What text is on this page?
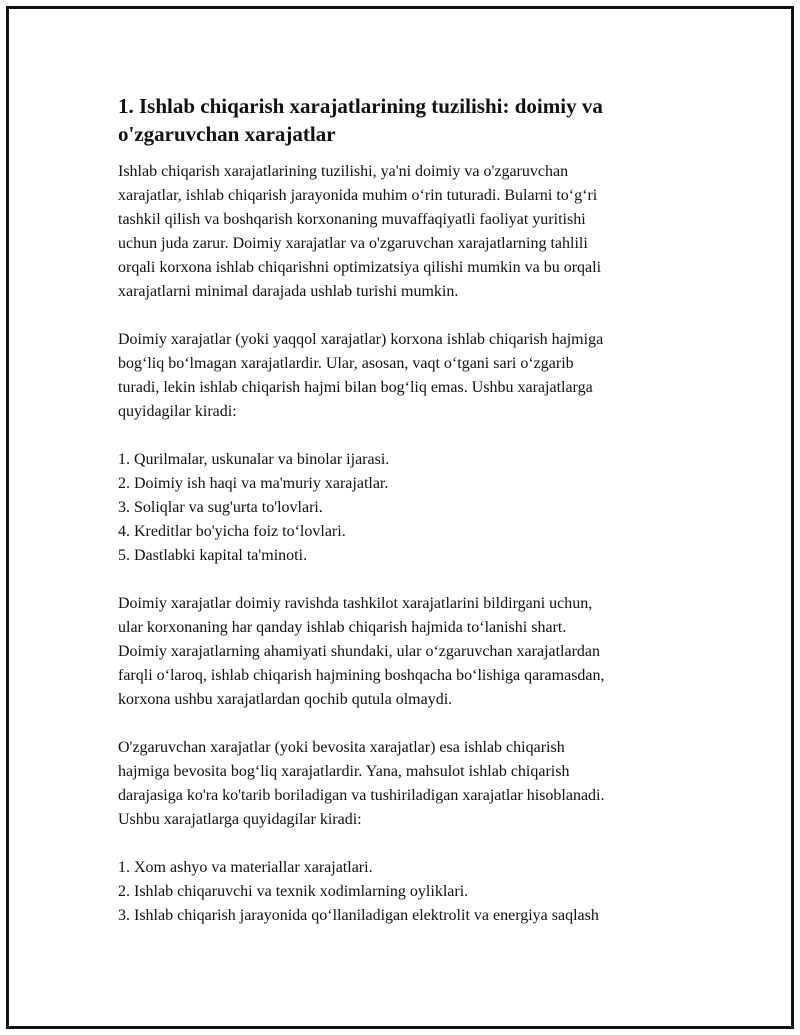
1. Ishlab chiqarish xarajatlarining tuzilishi: doimiy va
o'zgaruvchan xarajatlar

Ishlab chiqarish xarajatlarining tuzilishi, ya'ni doimiy va o'zgaruvchan
xarajatlar, ishlab chiqarish jarayonida muhim o‘rin tuturadi. Bularni to‘g‘ri
tashkil qilish va boshqarish korxonaning muvaffaqiyatli faoliyat yuritishi
uchun juda zarur. Doimiy xarajatlar va o'zgaruvchan xarajatlarning tahlili
orqali korxona ishlab chiqarishni optimizatsiya qilishi mumkin va bu orqali
xarajatlarni minimal darajada ushlab turishi mumkin.

Doimiy xarajatlar (yoki yaqqol xarajatlar) korxona ishlab chiqarish hajmiga
bog‘liq bo‘lmagan xarajatlardir. Ular, asosan, vaqt o‘tgani sari o‘zgarib
turadi, lekin ishlab chiqarish hajmi bilan bog‘liq emas. Ushbu xarajatlarga
quyidagilar kiradi:

1. Qurilmalar, uskunalar va binolar ijarasi.

2. Doimiy ish haqi va ma'muriy xarajatlar.

3. Soliqlar va sug'urta to'lovlari.

4. Kreditlar bo'yicha foiz to‘lovlari.

5. Dastlabki kapital ta'minoti.

Doimiy xarajatlar doimiy ravishda tashkilot xarajatlarini bildirgani uchun,
ular korxonaning har qanday ishlab chiqarish hajmida to‘lanishi shart.
Doimiy xarajatlarning ahamiyati shundaki, ular o‘zgaruvchan xarajatlardan
farqli o‘laroq, ishlab chiqarish hajmining boshqacha bo‘lishiga qaramasdan,
korxona ushbu xarajatlardan qochib qutula olmaydi.

O'zgaruvchan xarajatlar (yoki bevosita xarajatlar) esa ishlab chiqarish
hajmiga bevosita bog‘liq xarajatlardir. Yana, mahsulot ishlab chiqarish
darajasiga ko'ra ko'tarib boriladigan va tushiriladigan xarajatlar hisoblanadi.
Ushbu xarajatlarga quyidagilar kiradi:

1. Xom ashyo va materiallar xarajatlari.

2. Ishlab chiqaruvchi va texnik xodimlarning oyliklari.

3. Ishlab chiqarish jarayonida qo‘llaniladigan elektrolit va energiya saqlash
